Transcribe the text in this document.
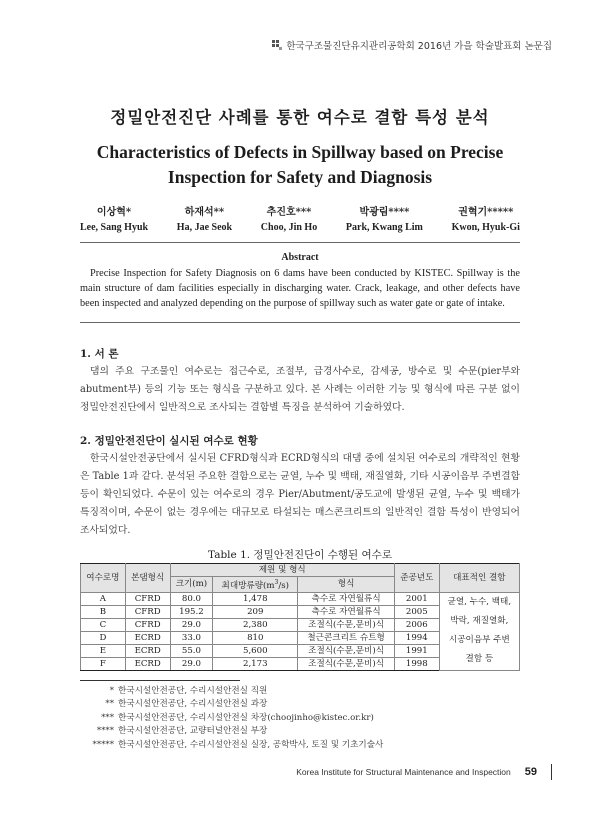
한국구조물진단유지관리공학회 2016년 가을 학술발표회 논문집
정밀안전진단 사례를 통한 여수로 결함 특성 분석
Characteristics of Defects in Spillway based on Precise
Inspection for Safety and Diagnosis
이상혁*
Lee, Sang Hyuk
하재석**
Ha, Jae Seok
추진호***
Choo, Jin Ho
박광림****
Park, Kwang Lim
권혁기*****
Kwon, Hyuk-Gi
Abstract
Precise Inspection for Safety Diagnosis on 6 dams have been conducted by KISTEC. Spillway is the main structure of dam facilities especially in discharging water. Crack, leakage, and other defects have been inspected and analyzed depending on the purpose of spillway such as water gate or gate of intake.
1. 서 론
댐의 주요 구조물인 여수로는 접근수로, 조절부, 급경사수로, 감세공, 방수로 및 수문(pier부와 abutment부) 등의 기능 또는 형식을 구분하고 있다. 본 사례는 이러한 기능 및 형식에 따른 구분 없이 정밀안전진단에서 일반적으로 조사되는 결함별 특징을 분석하여 기술하였다.
2. 정밀안전진단이 실시된 여수로 현황
한국시설안전공단에서 실시된 CFRD형식과 ECRD형식의 대댐 중에 설치된 여수로의 개략적인 현황은 Table 1과 같다. 분석된 주요한 결함으로는 균열, 누수 및 백태, 재질열화, 기타 시공이음부 주변결함 등이 확인되었다. 수문이 있는 여수로의 경우 Pier/Abutment/공도교에 발생된 균열, 누수 및 백태가 특징적이며, 수문이 없는 경우에는 대규모로 타설되는 매스콘크리트의 일반적인 결함 특성이 반영되어 조사되었다.
Table 1. 정밀안전진단이 수행된 여수로
여수로명	본댐형식	제원 및 형식			준공년도	대표적인 결함
		크기(m)	최대방류량$(m^3/s)$	형식		
A	CFRD	80.0	1,478	측수로 자연월류식	2001	균열, 누수, 백태,
박락, 재질열화,
시공이음부 주변
결함 등

B	CFRD	195.2	209	측수로 자연월류식	2005	
C	CFRD	29.0	2,380	조절식(수문,문비)식	2006	
D	ECRD	33.0	810	철근콘크리트 슈트형	1994	
E	ECRD	55.0	5,600	조절식(수문,문비)식	1991	
F	ECRD	29.0	2,173	조절식(수문,문비)식	1998	
* 한국시설안전공단, 수리시설안전실 직원
** 한국시설안전공단, 수리시설안전실 과장
*** 한국시설안전공단, 수리시설안전실 차장(choojinho@kistec.or.kr)
**** 한국시설안전공단, 교량터널안전실 부장
***** 한국시설안전공단, 수리시설안전실 실장, 공학박사, 토질 및 기초기술사
Korea Institute for Structural Maintenance and Inspection 59
